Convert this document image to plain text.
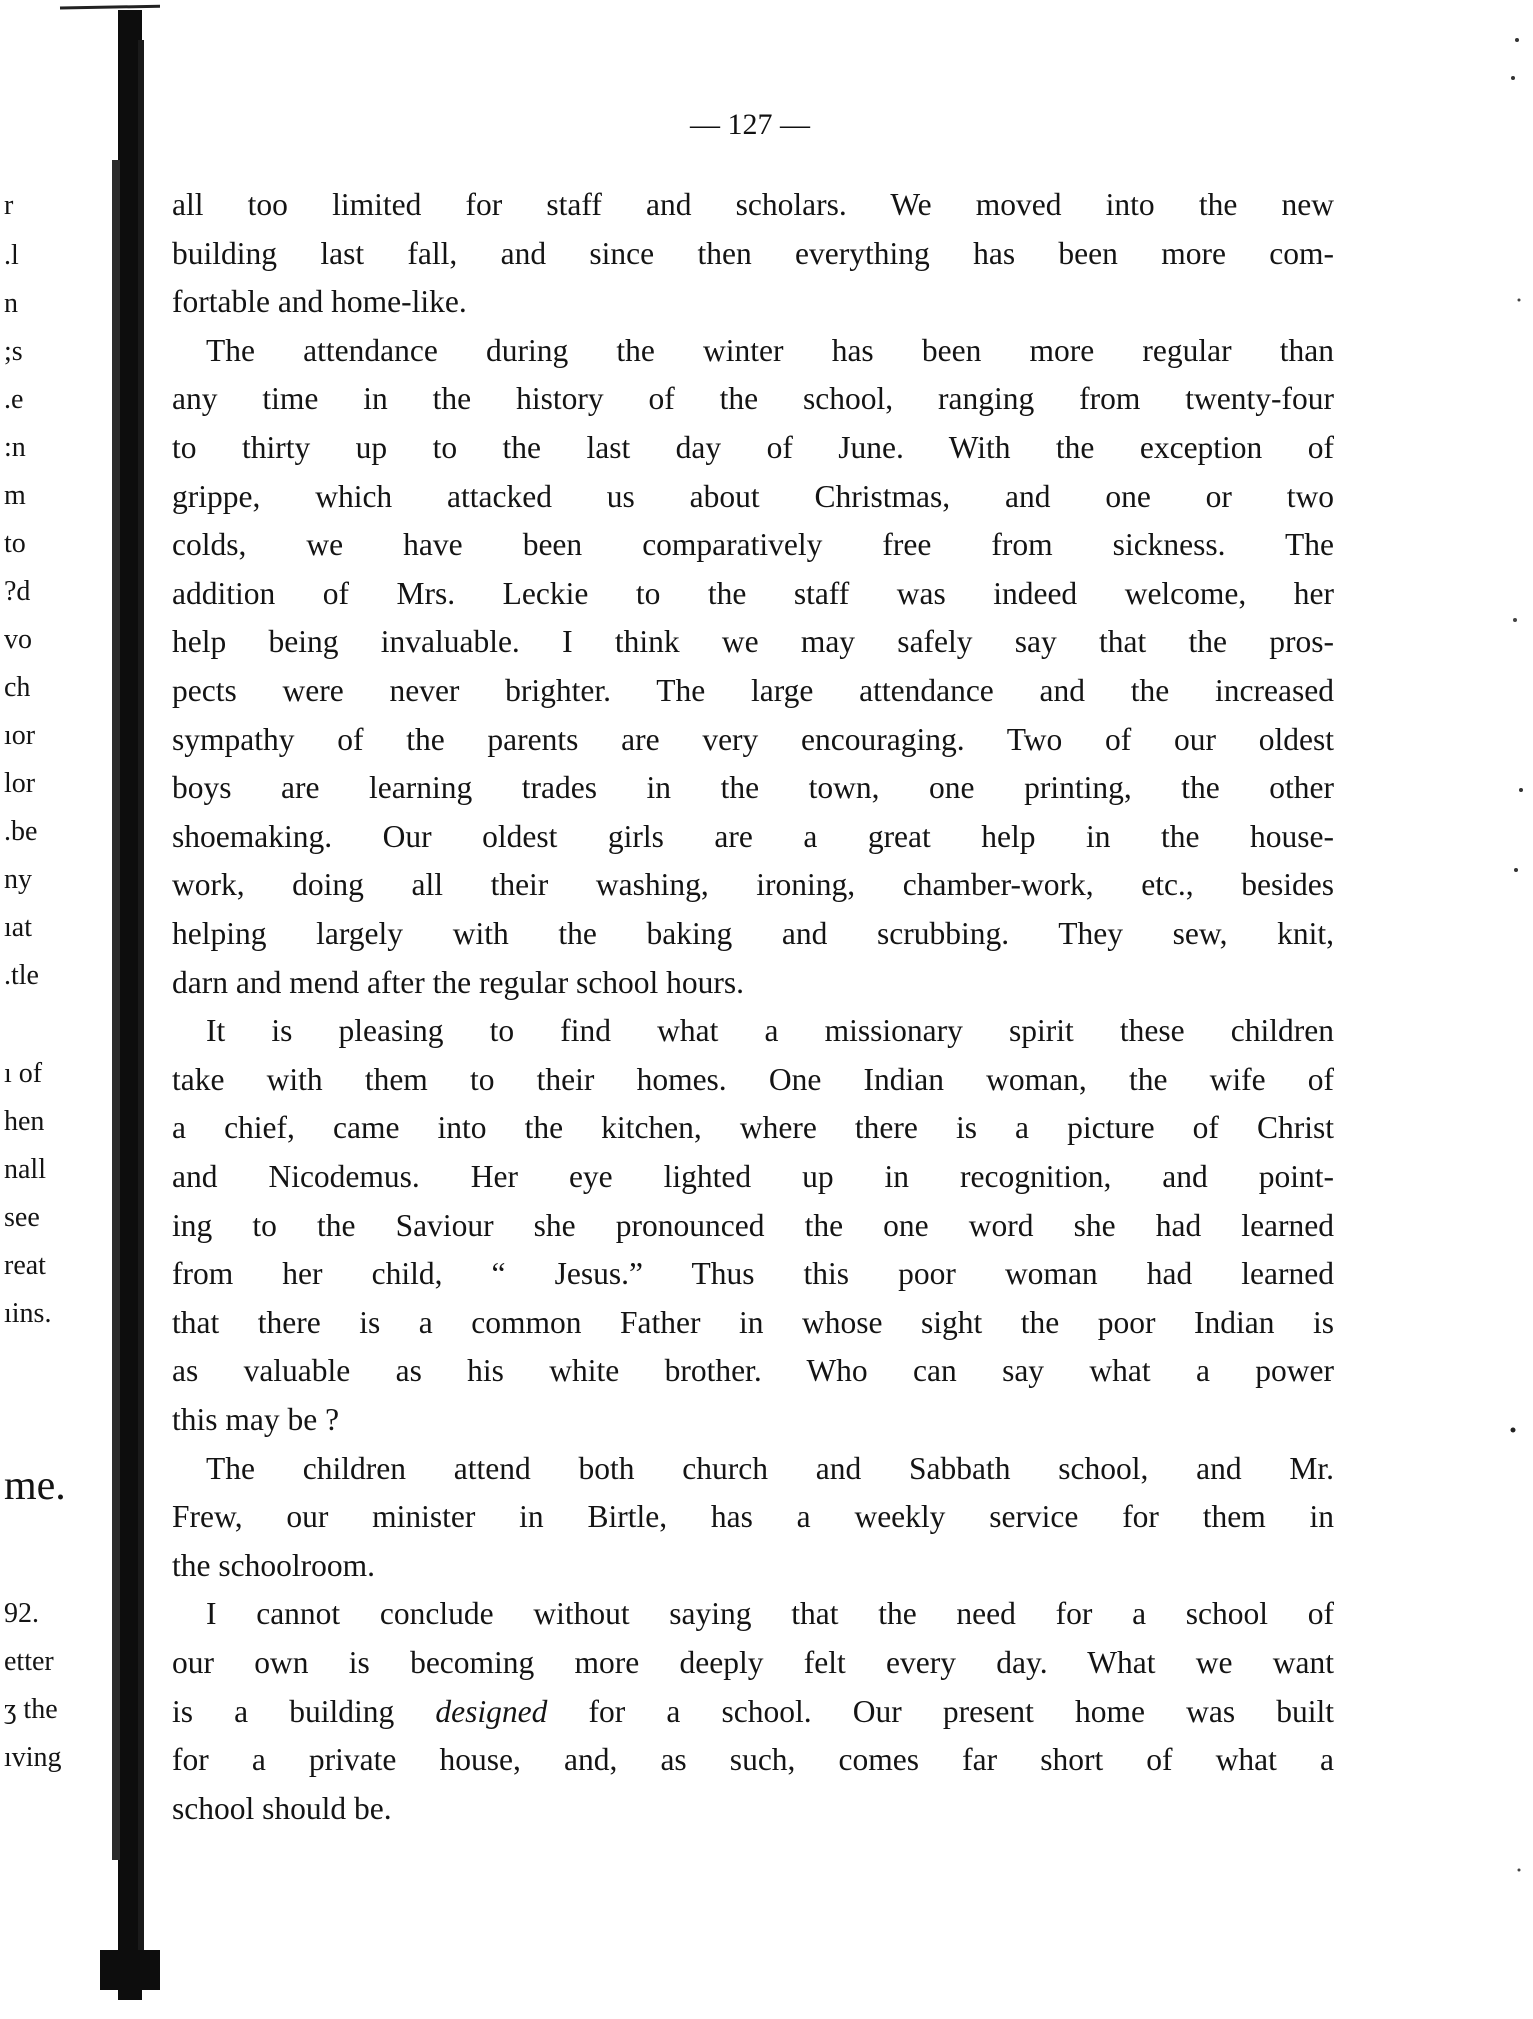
r
.l
n
;s
.e
:n
m
to
?d
vo
ch
ıor
lor
.be
ny
ıat
.tle
ı of
hen
nall
see
reat
ıins.
me.
92.
etter
ʒ the
ıving
— 127 —
all too limited for staff and scholars. We moved into the new
building last fall, and since then everything has been more com-
fortable and home-like.
The attendance during the winter has been more regular than
any time in the history of the school, ranging from twenty-four
to thirty up to the last day of June. With the exception of
grippe, which attacked us about Christmas, and one or two
colds, we have been comparatively free from sickness. The
addition of Mrs. Leckie to the staff was indeed welcome, her
help being invaluable. I think we may safely say that the pros-
pects were never brighter. The large attendance and the increased
sympathy of the parents are very encouraging. Two of our oldest
boys are learning trades in the town, one printing, the other
shoemaking. Our oldest girls are a great help in the house-
work, doing all their washing, ironing, chamber-work, etc., besides
helping largely with the baking and scrubbing. They sew, knit,
darn and mend after the regular school hours.
It is pleasing to find what a missionary spirit these children
take with them to their homes. One Indian woman, the wife of
a chief, came into the kitchen, where there is a picture of Christ
and Nicodemus. Her eye lighted up in recognition, and point-
ing to the Saviour she pronounced the one word she had learned
from her child, “ Jesus.” Thus this poor woman had learned
that there is a common Father in whose sight the poor Indian is
as valuable as his white brother. Who can say what a power
this may be ?
The children attend both church and Sabbath school, and Mr.
Frew, our minister in Birtle, has a weekly service for them in
the schoolroom.
I cannot conclude without saying that the need for a school of
our own is becoming more deeply felt every day. What we want
is a building designed for a school. Our present home was built
for a private house, and, as such, comes far short of what a
school should be.
